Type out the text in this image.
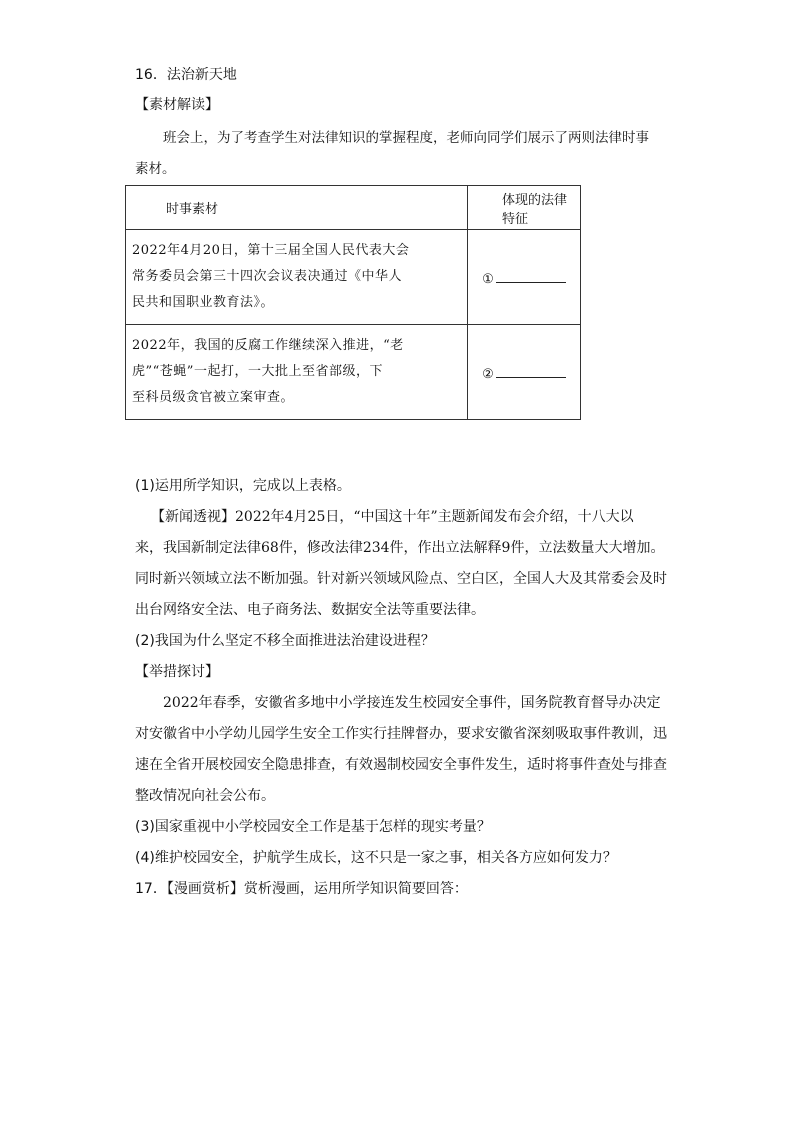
16．法治新天地
【素材解读】
班会上，为了考查学生对法律知识的掌握程度，老师向同学们展示了两则法律时事
素材。
时事素材	体现的法律特征

2022年4月20日，第十三届全国人民代表大会
常务委员会第三十四次会议表决通过《中华人
民共和国职业教育法》。	①

2022年，我国的反腐工作继续深入推进，“老
虎”“苍蝇”一起打，一大批上至省部级，下
至科员级贪官被立案审查。	②
(1)运用所学知识，完成以上表格。
【新闻透视】2022年4月25日，“中国这十年”主题新闻发布会介绍，十八大以
来，我国新制定法律68件，修改法律234件，作出立法解释9件，立法数量大大增加。
同时新兴领域立法不断加强。针对新兴领域风险点、空白区，全国人大及其常委会及时
出台网络安全法、电子商务法、数据安全法等重要法律。
(2)我国为什么坚定不移全面推进法治建设进程？
【举措探讨】
2022年春季，安徽省多地中小学接连发生校园安全事件，国务院教育督导办决定
对安徽省中小学幼儿园学生安全工作实行挂牌督办，要求安徽省深刻吸取事件教训，迅
速在全省开展校园安全隐患排查，有效遏制校园安全事件发生，适时将事件查处与排查
整改情况向社会公布。
(3)国家重视中小学校园安全工作是基于怎样的现实考量？
(4)维护校园安全，护航学生成长，这不只是一家之事，相关各方应如何发力？
17．【漫画赏析】赏析漫画，运用所学知识简要回答：
